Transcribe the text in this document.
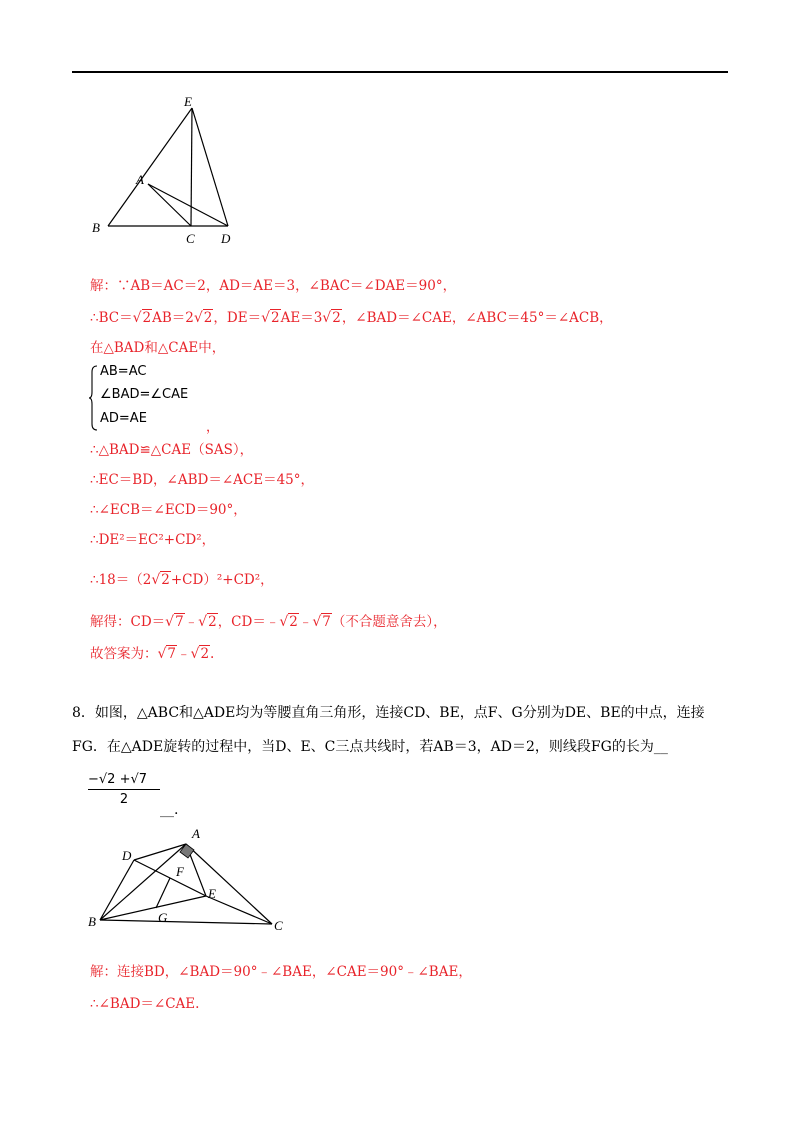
E
A
B
C D
解：∵AB＝AC＝2，AD＝AE＝3，∠BAC＝∠DAE＝90°，
∴BC＝√2AB＝2√2，DE＝√2AE＝3√2，∠BAD＝∠CAE，∠ABC＝45°＝∠ACB，
在△BAD和△CAE中，
AB=AC
∠BAD=∠CAE
AD=AE
，
∴△BAD≌△CAE（SAS），
∴EC＝BD，∠ABD＝∠ACE＝45°，
∴∠ECB＝∠ECD＝90°，
∴DE²＝EC²+CD²，
∴18＝（2√2+CD）²+CD²，
解得：CD＝√7﹣√2，CD＝﹣√2﹣√7（不合题意舍去），
故答案为：√7﹣√2.
8．如图，△ABC和△ADE均为等腰直角三角形，连接CD、BE，点F、G分别为DE、BE的中点，连接
FG．在△ADE旋转的过程中，当D、E、C三点共线时，若AB＝3，AD＝2，则线段FG的长为__
−√2 +√7
2
__.
A
D
F
E
B	G
C
解：连接BD，∠BAD＝90°﹣∠BAE，∠CAE＝90°﹣∠BAE，
∴∠BAD＝∠CAE.
